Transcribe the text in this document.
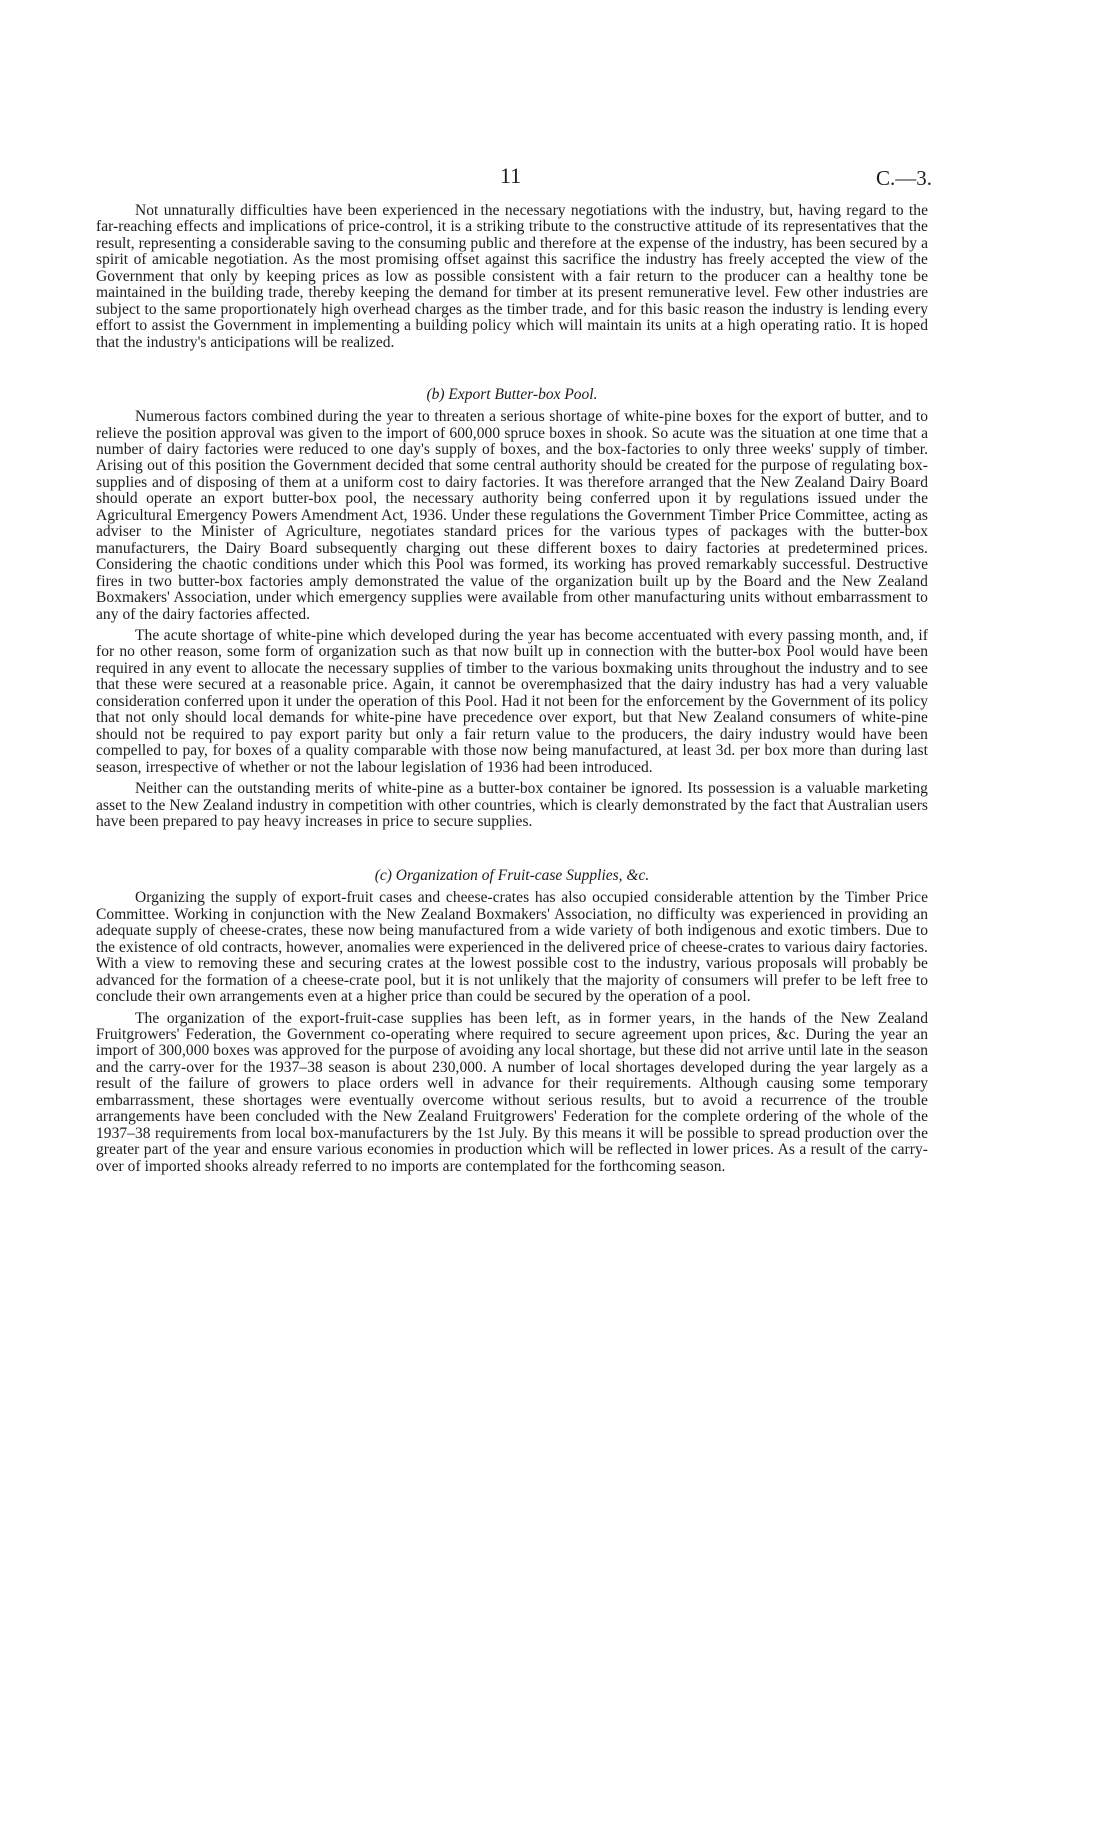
11	C.—3.

Not unnaturally difficulties have been experienced in the necessary negotiations with the industry, but, having regard to the far-reaching effects and implications of price-control, it is a striking tribute to the constructive attitude of its representatives that the result, representing a considerable saving to the consuming public and therefore at the expense of the industry, has been secured by a spirit of amicable negotiation. As the most promising offset against this sacrifice the industry has freely accepted the view of the Government that only by keeping prices as low as possible consistent with a fair return to the producer can a healthy tone be maintained in the building trade, thereby keeping the demand for timber at its present remunerative level. Few other industries are subject to the same proportionately high overhead charges as the timber trade, and for this basic reason the industry is lending every effort to assist the Government in implementing a building policy which will maintain its units at a high operating ratio. It is hoped that the industry's anticipations will be realized.

(b) Export Butter-box Pool.

Numerous factors combined during the year to threaten a serious shortage of white-pine boxes for the export of butter, and to relieve the position approval was given to the import of 600,000 spruce boxes in shook. So acute was the situation at one time that a number of dairy factories were reduced to one day's supply of boxes, and the box-factories to only three weeks' supply of timber. Arising out of this position the Government decided that some central authority should be created for the purpose of regulating box-supplies and of disposing of them at a uniform cost to dairy factories. It was therefore arranged that the New Zealand Dairy Board should operate an export butter-box pool, the necessary authority being conferred upon it by regulations issued under the Agricultural Emergency Powers Amendment Act, 1936. Under these regulations the Government Timber Price Committee, acting as adviser to the Minister of Agriculture, negotiates standard prices for the various types of packages with the butter-box manufacturers, the Dairy Board subsequently charging out these different boxes to dairy factories at predetermined prices. Considering the chaotic conditions under which this Pool was formed, its working has proved remarkably successful. Destructive fires in two butter-box factories amply demonstrated the value of the organization built up by the Board and the New Zealand Boxmakers' Association, under which emergency supplies were available from other manufacturing units without embarrassment to any of the dairy factories affected.

The acute shortage of white-pine which developed during the year has become accentuated with every passing month, and, if for no other reason, some form of organization such as that now built up in connection with the butter-box Pool would have been required in any event to allocate the necessary supplies of timber to the various boxmaking units throughout the industry and to see that these were secured at a reasonable price. Again, it cannot be overemphasized that the dairy industry has had a very valuable consideration conferred upon it under the operation of this Pool. Had it not been for the enforcement by the Government of its policy that not only should local demands for white-pine have precedence over export, but that New Zealand consumers of white-pine should not be required to pay export parity but only a fair return value to the producers, the dairy industry would have been compelled to pay, for boxes of a quality comparable with those now being manufactured, at least 3d. per box more than during last season, irrespective of whether or not the labour legislation of 1936 had been introduced.

Neither can the outstanding merits of white-pine as a butter-box container be ignored. Its possession is a valuable marketing asset to the New Zealand industry in competition with other countries, which is clearly demonstrated by the fact that Australian users have been prepared to pay heavy increases in price to secure supplies.

(c) Organization of Fruit-case Supplies, &c.

Organizing the supply of export-fruit cases and cheese-crates has also occupied considerable attention by the Timber Price Committee. Working in conjunction with the New Zealand Boxmakers' Association, no difficulty was experienced in providing an adequate supply of cheese-crates, these now being manufactured from a wide variety of both indigenous and exotic timbers. Due to the existence of old contracts, however, anomalies were experienced in the delivered price of cheese-crates to various dairy factories. With a view to removing these and securing crates at the lowest possible cost to the industry, various proposals will probably be advanced for the formation of a cheese-crate pool, but it is not unlikely that the majority of consumers will prefer to be left free to conclude their own arrangements even at a higher price than could be secured by the operation of a pool.

The organization of the export-fruit-case supplies has been left, as in former years, in the hands of the New Zealand Fruitgrowers' Federation, the Government co-operating where required to secure agreement upon prices, &c. During the year an import of 300,000 boxes was approved for the purpose of avoiding any local shortage, but these did not arrive until late in the season and the carry-over for the 1937–38 season is about 230,000. A number of local shortages developed during the year largely as a result of the failure of growers to place orders well in advance for their requirements. Although causing some temporary embarrassment, these shortages were eventually overcome without serious results, but to avoid a recurrence of the trouble arrangements have been concluded with the New Zealand Fruitgrowers' Federation for the complete ordering of the whole of the 1937–38 requirements from local box-manufacturers by the 1st July. By this means it will be possible to spread production over the greater part of the year and ensure various economies in production which will be reflected in lower prices. As a result of the carry-over of imported shooks already referred to no imports are contemplated for the forthcoming season.
